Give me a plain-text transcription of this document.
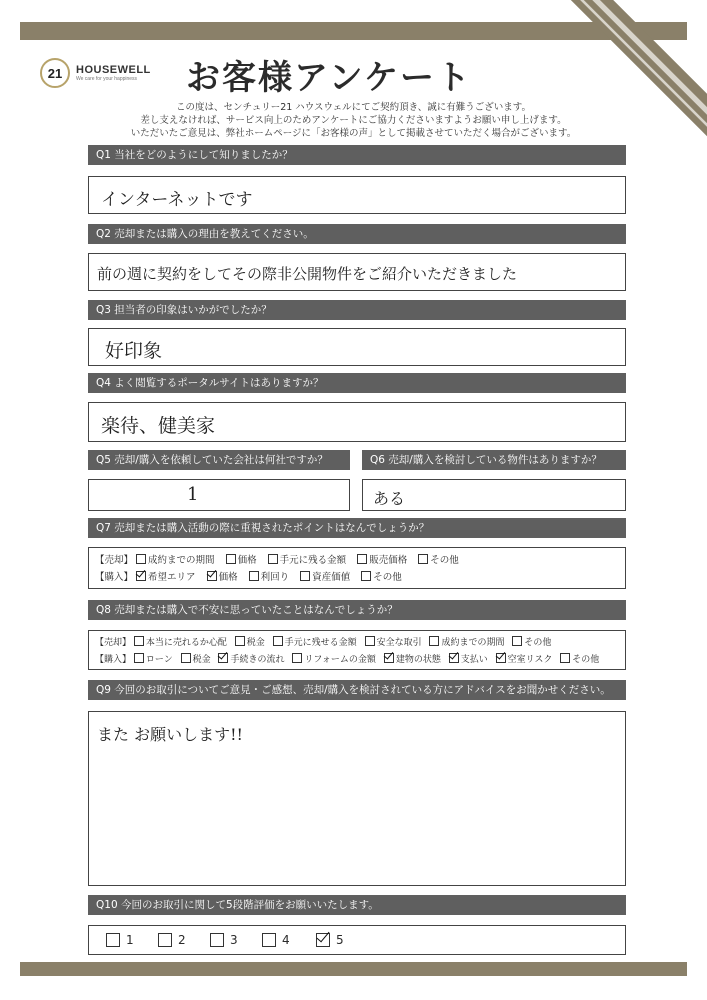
21	HOUSEWELL
We care for your happiness	お客様アンケート
この度は、センチュリー21 ハウスウェルにてご契約頂き、誠に有難うございます。
差し支えなければ、サービス向上のためアンケートにご協力くださいますようお願い申し上げます。
いただいたご意見は、弊社ホームページに「お客様の声」として掲載させていただく場合がございます。
Q1 当社をどのようにして知りましたか？
インターネットです
Q2 売却または購入の理由を教えてください。
前の週に契約をしてその際非公開物件をご紹介いただきました
Q3 担当者の印象はいかがでしたか？
好印象
Q4 よく閲覧するポータルサイトはありますか？
楽待、健美家
Q5 売却/購入を依頼していた会社は何社ですか？	Q6 売却/購入を検討している物件はありますか？
1	ある
Q7 売却または購入活動の際に重視されたポイントはなんでしょうか？
【売却】 成約までの期間 価格 手元に残る金額 販売価格 その他
【購入】 希望エリア 価格 利回り 資産価値 その他
Q8 売却または購入で不安に思っていたことはなんでしょうか？
【売却】 本当に売れるか心配 税金 手元に残せる金額 安全な取引 成約までの期間 その他
【購入】 ローン 税金 手続きの流れ リフォームの金額 建物の状態 支払い 空室リスク その他
Q9 今回のお取引についてご意見・ご感想、売却/購入を検討されている方にアドバイスをお聞かせください。
また お願いします!!
Q10 今回のお取引に関して5段階評価をお願いいたします。
1	2	3	4	5
